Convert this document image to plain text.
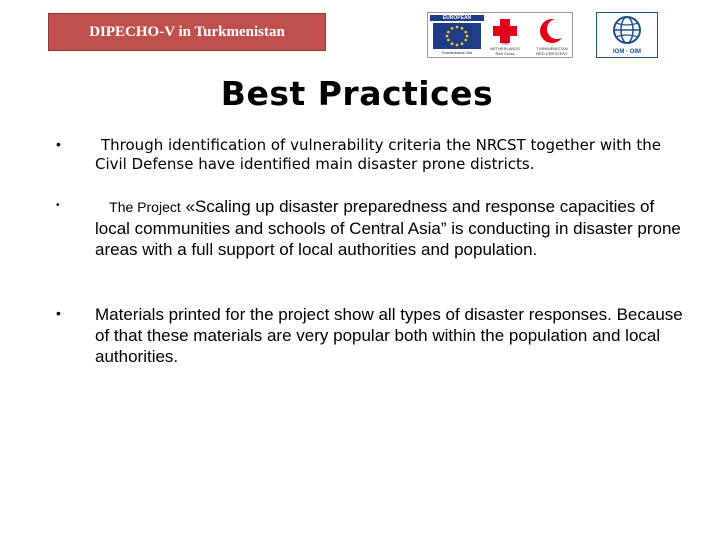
DIPECHO-V in Turkmenistan
EUROPEAN
Humanitarian Aid
THE NETHERLANDS Red Cross
TURKMENISTAN RED CRESCENT	IOM · OIM
Best Practices
•	Through identification of vulnerability criteria the NRCST together with the Civil Defense have identified main disaster prone districts.
•	The Project «Scaling up disaster preparedness and response capacities of local communities and schools of Central Asia” is conducting in disaster prone areas with a full support of local authorities and population.
• Materials printed for the project show all types of disaster responses. Because of that these materials are very popular both within the population and local authorities.
